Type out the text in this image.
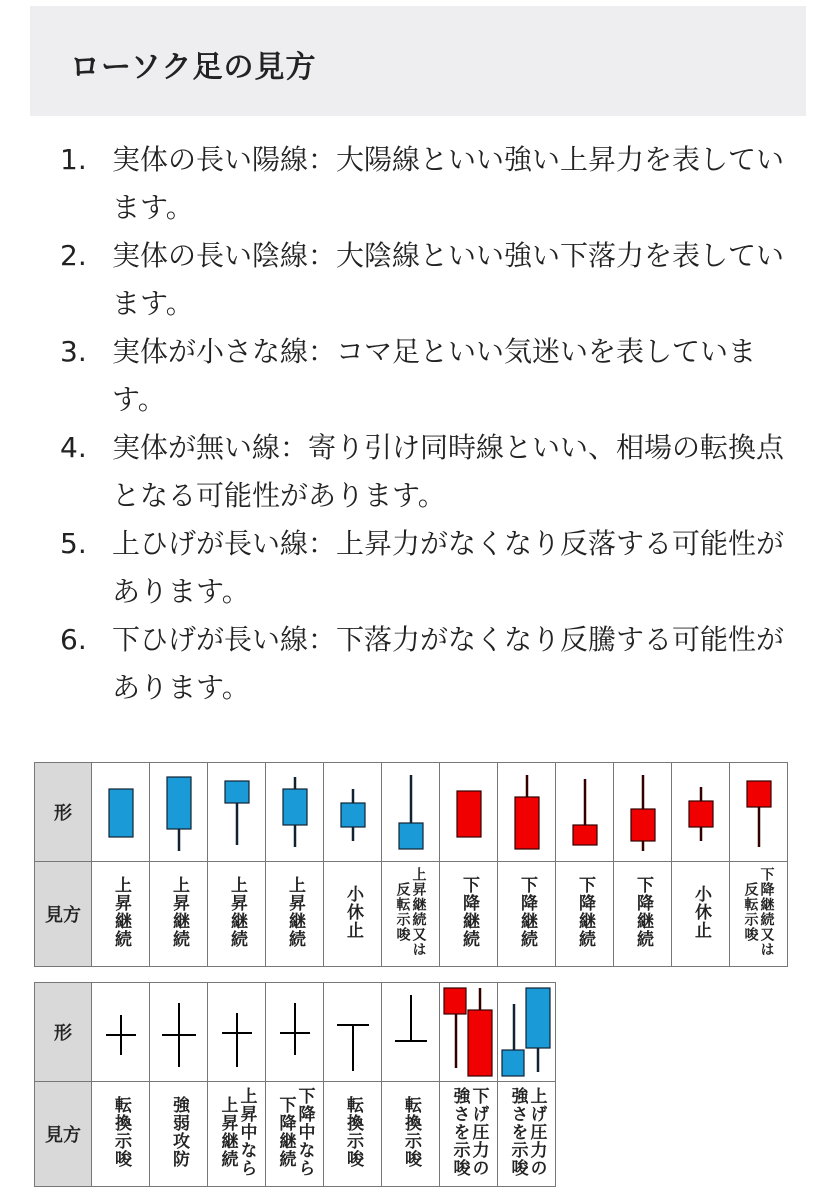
ローソク足の見方
1. 実体の長い陽線：大陽線といい強い上昇力を表しています。
2. 実体の長い陰線：大陰線といい強い下落力を表しています。
3. 実体が小さな線：コマ足といい気迷いを表しています。
4. 実体が無い線：寄り引け同時線といい、相場の転換点となる可能性があります。
5. 上ひげが長い線：上昇力がなくなり反落する可能性があります。
6. 下ひげが長い線：下落力がなくなり反騰する可能性があります。
形	

見方	上昇継続	上昇継続	上昇継続	上昇継続	小休止	上昇継続又は反転示唆	下降継続	下降継続	下降継続	下降継続	小休止	下降継続又は反転示唆
形	

見方	転換示唆	強弱攻防	上昇中なら上昇継続	下降中なら下降継続	転換示唆	転換示唆	下げ圧力の強さを示唆	上げ圧力の強さを示唆
